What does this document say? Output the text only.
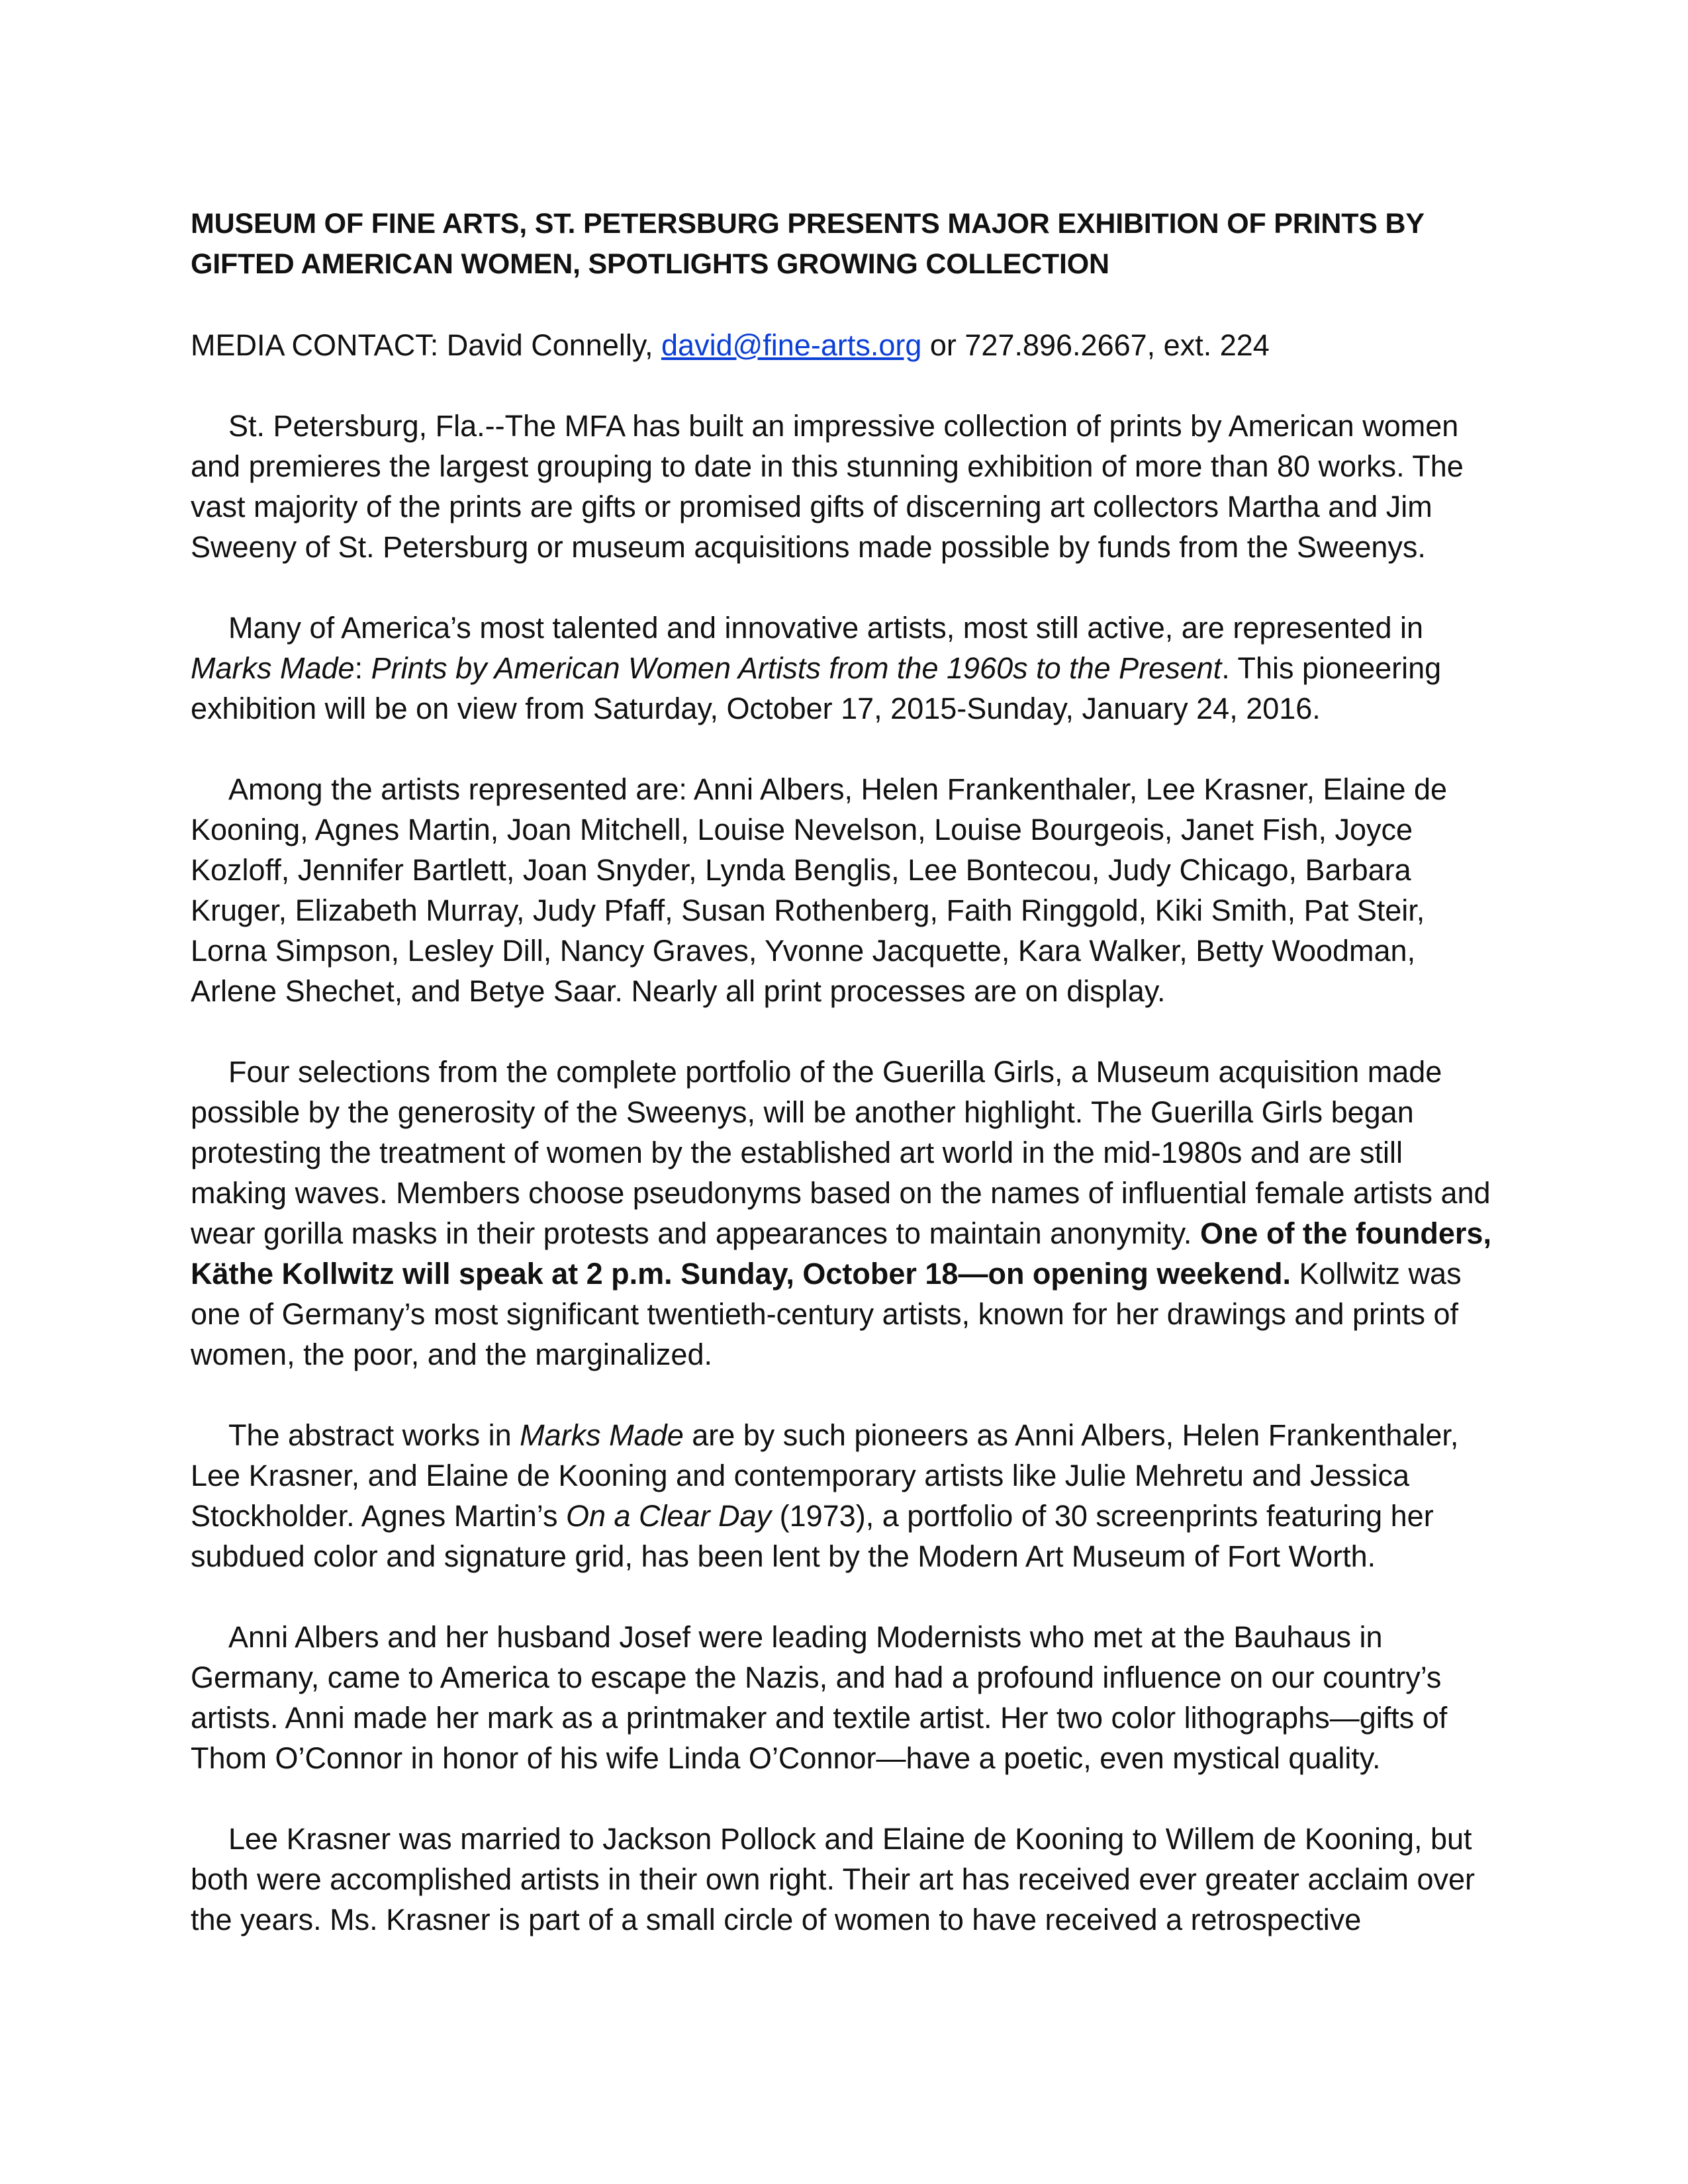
MUSEUM OF FINE ARTS, ST. PETERSBURG PRESENTS MAJOR EXHIBITION OF PRINTS BY
GIFTED AMERICAN WOMEN, SPOTLIGHTS GROWING COLLECTION

MEDIA CONTACT: David Connelly, david@fine-arts.org or 727.896.2667, ext. 224

St. Petersburg, Fla.--The MFA has built an impressive collection of prints by American women and premieres the largest grouping to date in this stunning exhibition of more than 80 works. The vast majority of the prints are gifts or promised gifts of discerning art collectors Martha and Jim Sweeny of St. Petersburg or museum acquisitions made possible by funds from the Sweenys.

Many of America’s most talented and innovative artists, most still active, are represented in Marks Made: Prints by American Women Artists from the 1960s to the Present. This pioneering exhibition will be on view from Saturday, October 17, 2015-Sunday, January 24, 2016.

Among the artists represented are: Anni Albers, Helen Frankenthaler, Lee Krasner, Elaine de Kooning, Agnes Martin, Joan Mitchell, Louise Nevelson, Louise Bourgeois, Janet Fish, Joyce Kozloff, Jennifer Bartlett, Joan Snyder, Lynda Benglis, Lee Bontecou, Judy Chicago, Barbara Kruger, Elizabeth Murray, Judy Pfaff, Susan Rothenberg, Faith Ringgold, Kiki Smith, Pat Steir, Lorna Simpson, Lesley Dill, Nancy Graves, Yvonne Jacquette, Kara Walker, Betty Woodman, Arlene Shechet, and Betye Saar. Nearly all print processes are on display.

Four selections from the complete portfolio of the Guerilla Girls, a Museum acquisition made possible by the generosity of the Sweenys, will be another highlight. The Guerilla Girls began protesting the treatment of women by the established art world in the mid-1980s and are still making waves. Members choose pseudonyms based on the names of influential female artists and wear gorilla masks in their protests and appearances to maintain anonymity. One of the founders, Käthe Kollwitz will speak at 2 p.m. Sunday, October 18—on opening weekend. Kollwitz was one of Germany’s most significant twentieth-century artists, known for her drawings and prints of women, the poor, and the marginalized.

The abstract works in Marks Made are by such pioneers as Anni Albers, Helen Frankenthaler, Lee Krasner, and Elaine de Kooning and contemporary artists like Julie Mehretu and Jessica Stockholder. Agnes Martin’s On a Clear Day (1973), a portfolio of 30 screenprints featuring her subdued color and signature grid, has been lent by the Modern Art Museum of Fort Worth.

Anni Albers and her husband Josef were leading Modernists who met at the Bauhaus in Germany, came to America to escape the Nazis, and had a profound influence on our country’s artists. Anni made her mark as a printmaker and textile artist. Her two color lithographs—gifts of Thom O’Connor in honor of his wife Linda O’Connor—have a poetic, even mystical quality.

Lee Krasner was married to Jackson Pollock and Elaine de Kooning to Willem de Kooning, but both were accomplished artists in their own right. Their art has received ever greater acclaim over the years. Ms. Krasner is part of a small circle of women to have received a retrospective
